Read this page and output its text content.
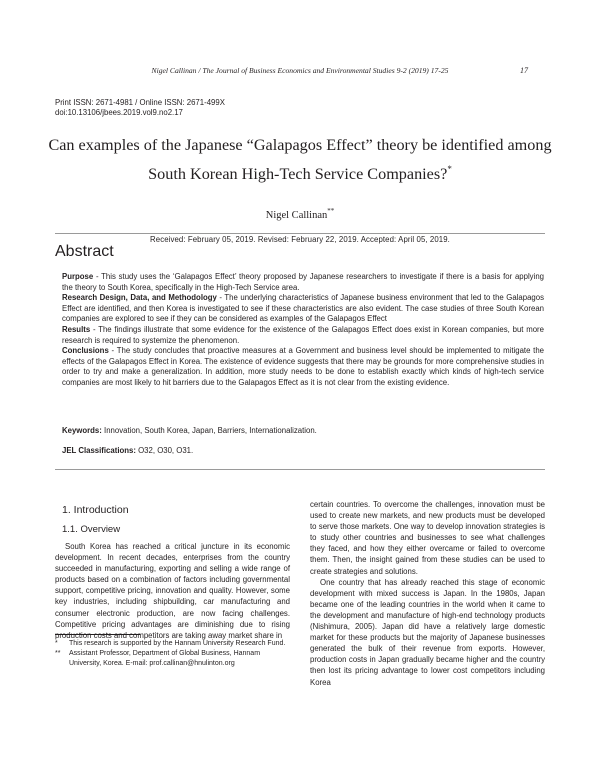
Nigel Callinan / The Journal of Business Economics and Environmental Studies 9-2 (2019) 17-25	17
Print ISSN: 2671-4981 / Online ISSN: 2671-499X
doi:10.13106/jbees.2019.vol9.no2.17
Can examples of the Japanese “Galapagos Effect” theory be identified among
South Korean High-Tech Service Companies?*
Nigel Callinan**
Received: February 05, 2019. Revised: February 22, 2019. Accepted: April 05, 2019.
Abstract

Purpose - This study uses the ‘Galapagos Effect’ theory proposed by Japanese researchers to investigate if there is a basis for applying the theory to South Korea, specifically in the High-Tech Service area.

Research Design, Data, and Methodology - The underlying characteristics of Japanese business environment that led to the Galapagos Effect are identified, and then Korea is investigated to see if these characteristics are also evident. The case studies of three South Korean companies are explored to see if they can be considered as examples of the Galapagos Effect

Results - The findings illustrate that some evidence for the existence of the Galapagos Effect does exist in Korean companies, but more research is required to systemize the phenomenon.

Conclusions - The study concludes that proactive measures at a Government and business level should be implemented to mitigate the effects of the Galapagos Effect in Korea. The existence of evidence suggests that there may be grounds for more comprehensive studies in order to try and make a generalization. In addition, more study needs to be done to establish exactly which kinds of high-tech service companies are most likely to hit barriers due to the Galapagos Effect as it is not clear from the existing evidence.

Keywords: Innovation, South Korea, Japan, Barriers, Internationalization.
JEL Classifications: O32, O30, O31.
1. Introduction
1.1. Overview

South Korea has reached a critical juncture in its economic development. In recent decades, enterprises from the country succeeded in manufacturing, exporting and selling a wide range of products based on a combination of factors including governmental support, competitive pricing, innovation and quality. However, some key industries, including shipbuilding, car manufacturing and consumer electronic production, are now facing challenges. Competitive pricing advantages are diminishing due to rising production costs and competitors are taking away market share in

certain countries. To overcome the challenges, innovation must be used to create new markets, and new products must be developed to serve those markets. One way to develop innovation strategies is to study other countries and businesses to see what challenges they faced, and how they either overcame or failed to overcome them. Then, the insight gained from these studies can be used to create strategies and solutions.

One country that has already reached this stage of economic development with mixed success is Japan. In the 1980s, Japan became one of the leading countries in the world when it came to the development and manufacture of high-end technology products (Nishimura, 2005). Japan did have a relatively large domestic market for these products but the majority of Japanese businesses generated the bulk of their revenue from exports. However, production costs in Japan gradually became higher and the country then lost its pricing advantage to lower cost competitors including Korea

*	This research is supported by the Hannam University Research Fund.
**	Assistant Professor, Department of Global Business, Hannam University, Korea. E-mail: prof.callinan@hnulinton.org
